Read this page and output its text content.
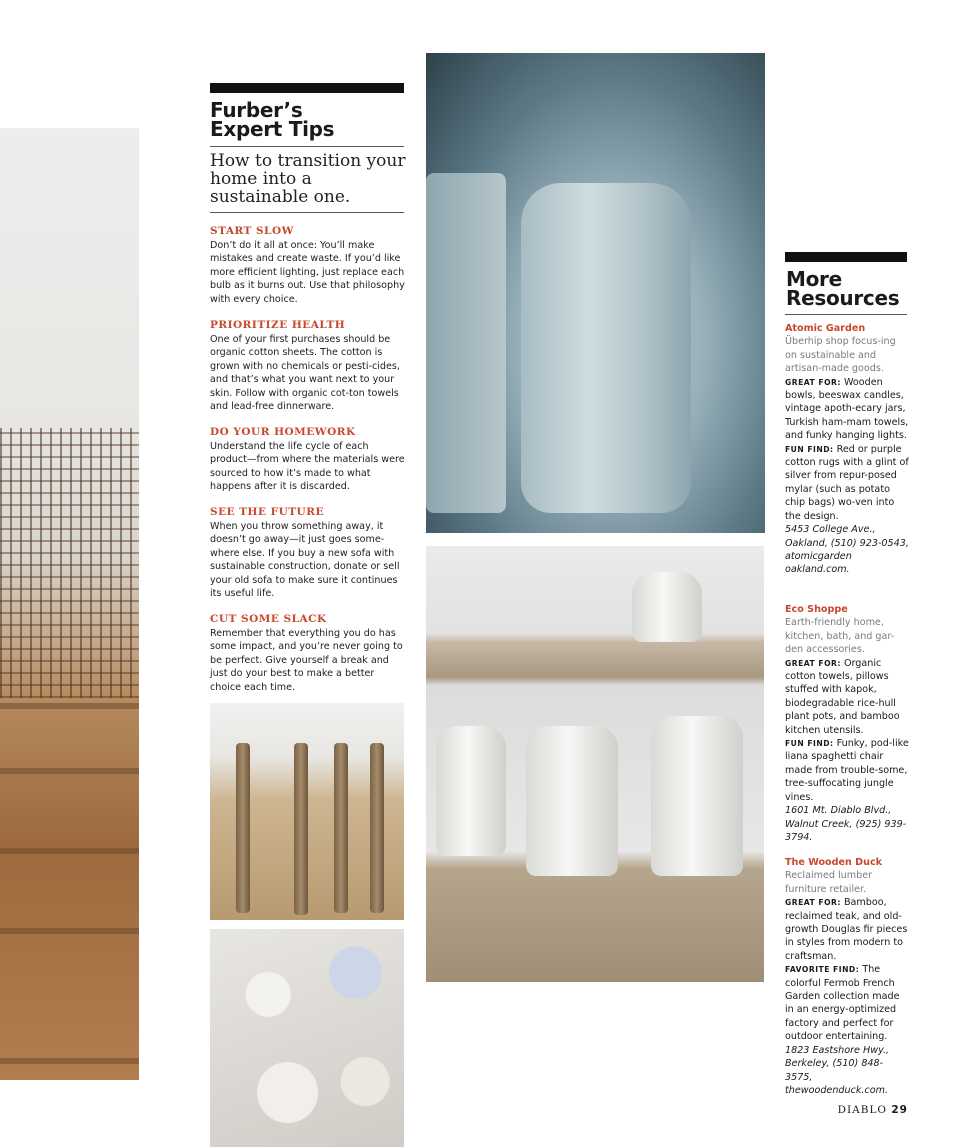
Furber’s
Expert Tips
How to transition your home into a sustainable one.
START SLOW

Don’t do it all at once: You’ll make mistakes and create waste. If you’d like more efficient lighting, just replace each bulb as it burns out. Use that philosophy with every choice.

PRIORITIZE HEALTH

One of your first purchases should be organic cotton sheets. The cotton is grown with no chemicals or pesti-cides, and that’s what you want next to your skin. Follow with organic cot-ton towels and lead-free dinnerware.

DO YOUR HOMEWORK

Understand the life cycle of each product—from where the materials were sourced to how it’s made to what happens after it is discarded.

SEE THE FUTURE

When you throw something away, it doesn’t go away—it just goes some-where else. If you buy a new sofa with sustainable construction, donate or sell your old sofa to make sure it continues its useful life.

CUT SOME SLACK

Remember that everything you do has some impact, and you’re never going to be perfect. Give yourself a break and just do your best to make a better choice each time.

More
Resources
Atomic Garden
Überhip shop focus-ing on sustainable and artisan-made goods.
GREAT FOR: Wooden bowls, beeswax candles, vintage apoth-ecary jars, Turkish ham-mam towels, and funky hanging lights.
FUN FIND: Red or purple cotton rugs with a glint of silver from repur-posed mylar (such as potato chip bags) wo-ven into the design.
5453 College Ave., Oakland, (510) 923-0543, atomicgarden oakland.com.
Eco Shoppe
Earth-friendly home, kitchen, bath, and gar-den accessories.
GREAT FOR: Organic cotton towels, pillows stuffed with kapok, biodegradable rice-hull plant pots, and bamboo kitchen utensils.
FUN FIND: Funky, pod-like liana spaghetti chair made from trouble-some, tree-suffocating jungle vines.
1601 Mt. Diablo Blvd., Walnut Creek, (925) 939-3794.
The Wooden Duck
Reclaimed lumber furniture retailer.
GREAT FOR: Bamboo, reclaimed teak, and old-growth Douglas fir pieces in styles from modern to craftsman.
FAVORITE FIND: The colorful Fermob French Garden collection made in an energy-optimized factory and perfect for outdoor entertaining.
1823 Eastshore Hwy., Berkeley, (510) 848-3575, thewoodenduck.com.
DIABLO 29
